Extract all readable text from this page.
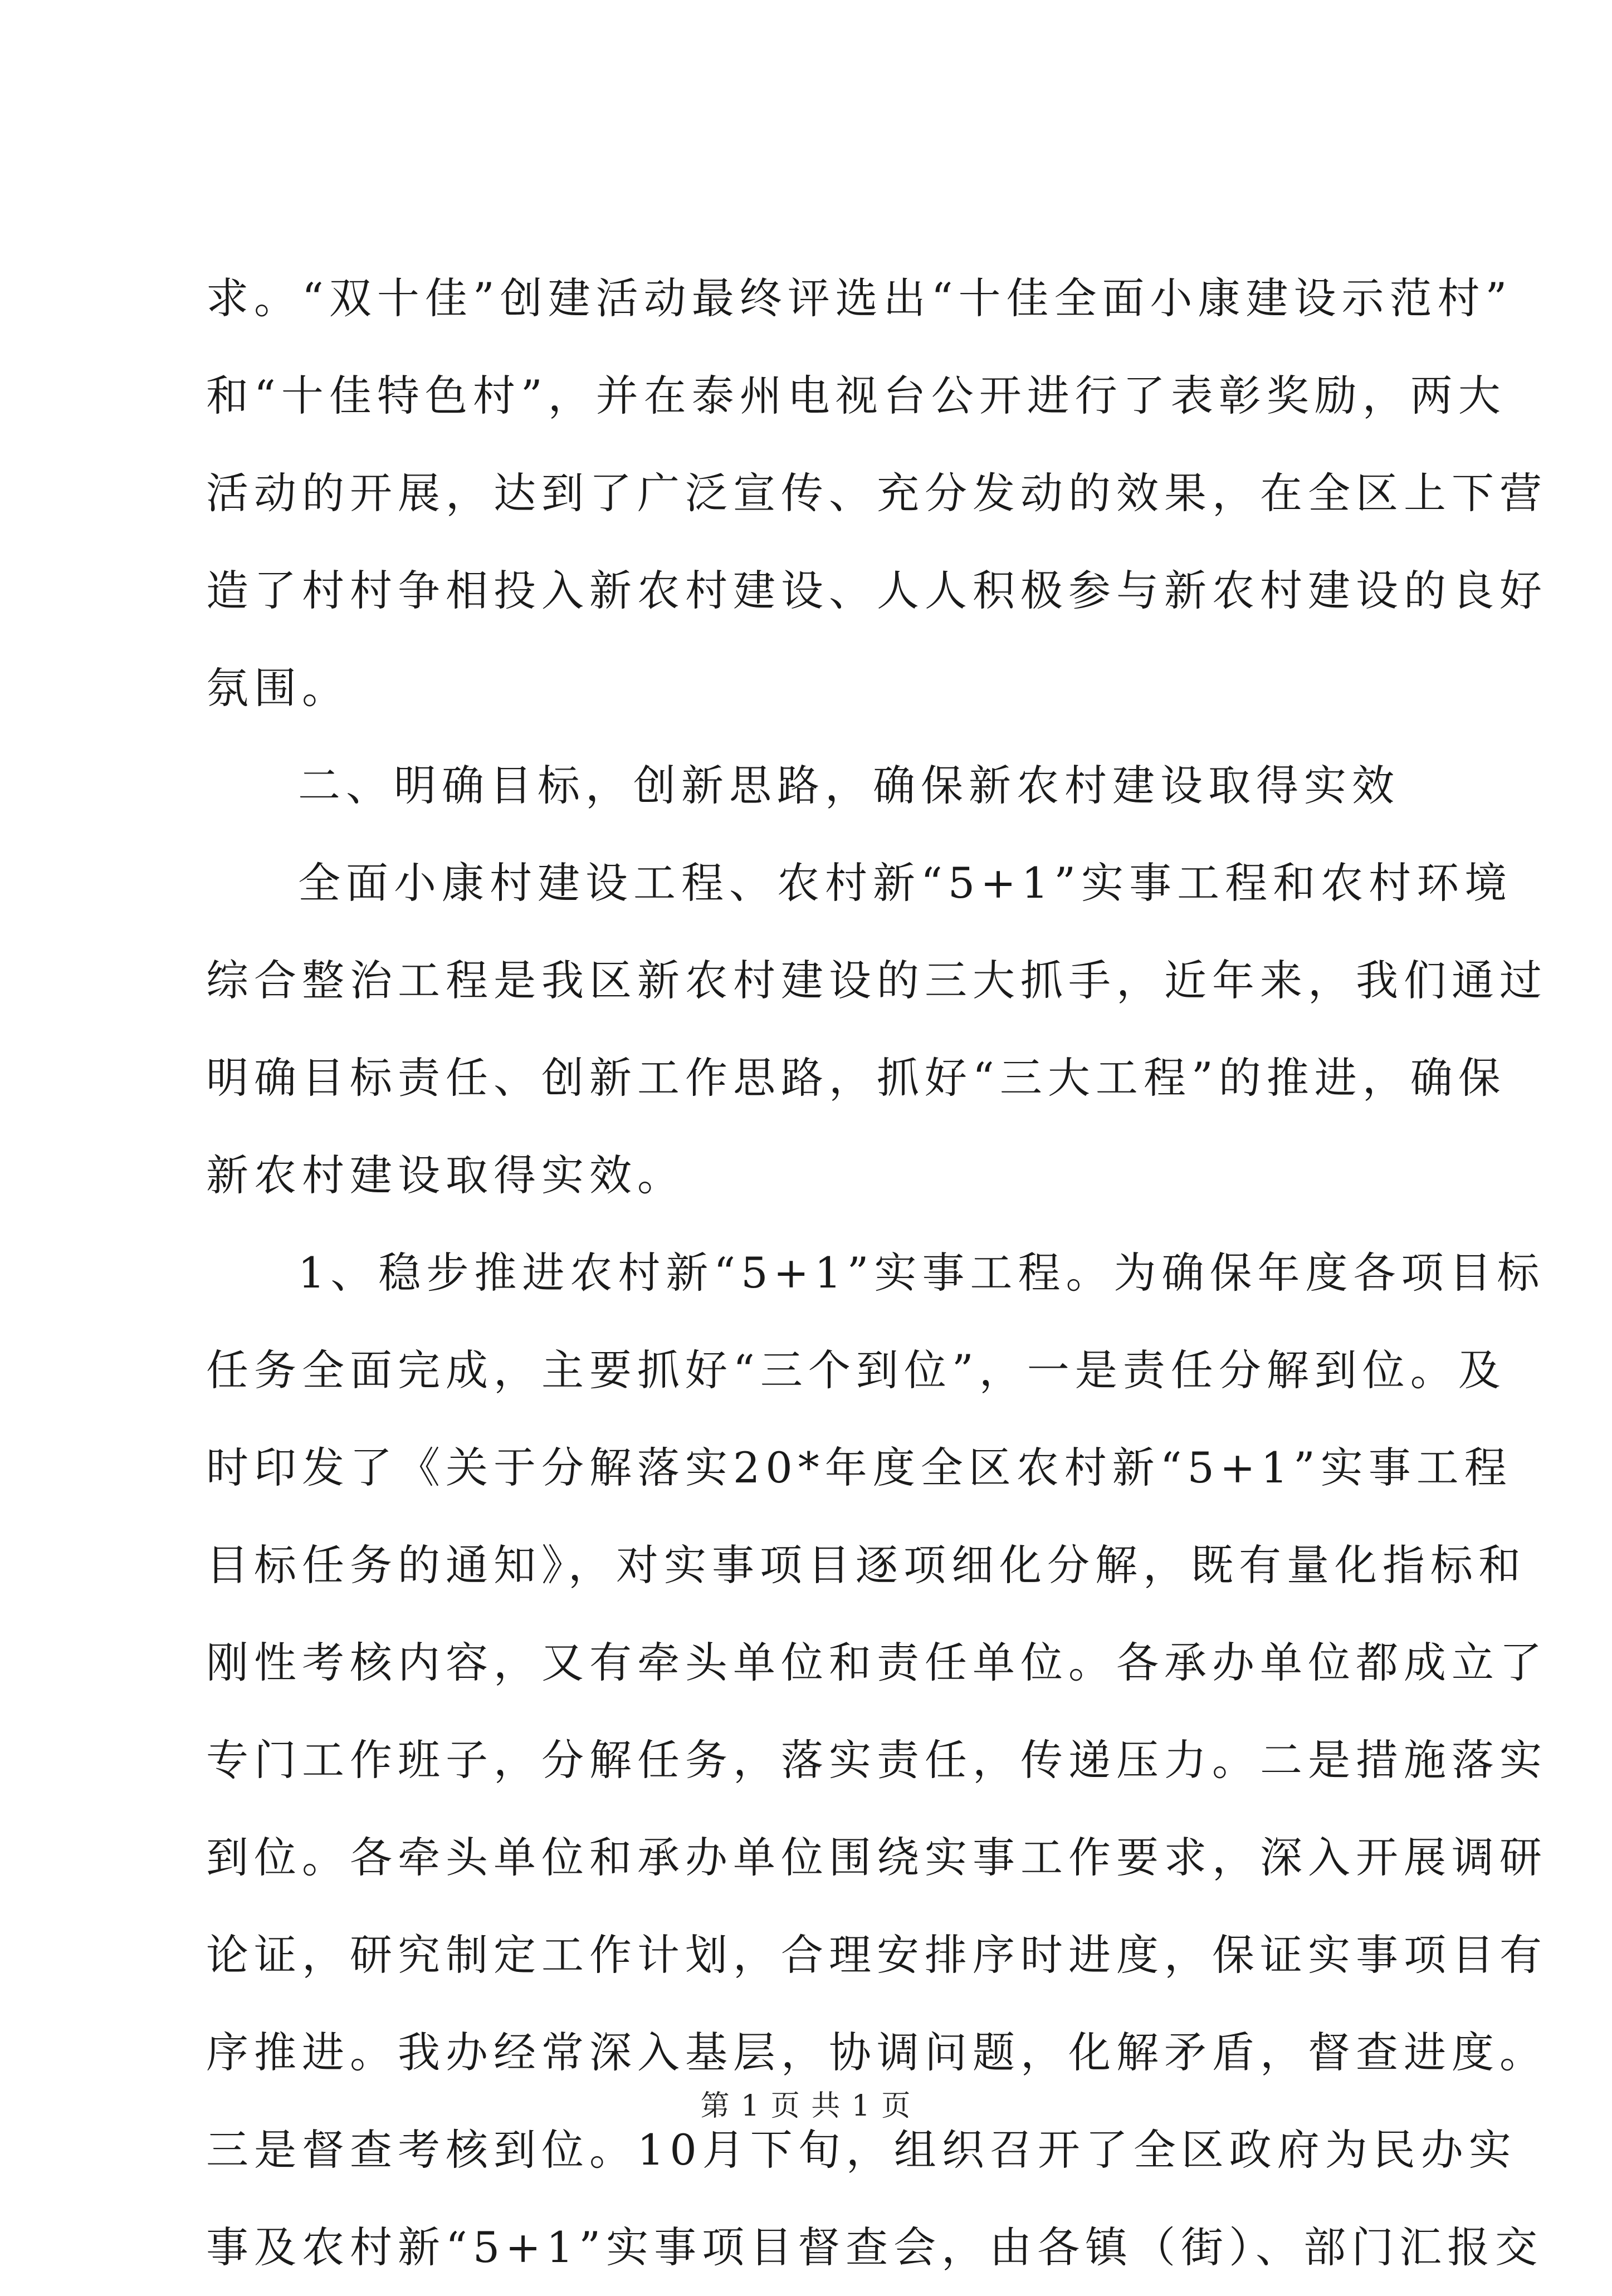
求。“双十佳”创建活动最终评选出“十佳全面小康建设示范村”
和“十佳特色村”，并在泰州电视台公开进行了表彰奖励，两大
活动的开展，达到了广泛宣传、充分发动的效果，在全区上下营
造了村村争相投入新农村建设、人人积极参与新农村建设的良好
氛围。
二、明确目标，创新思路，确保新农村建设取得实效
全面小康村建设工程、农村新“5+1”实事工程和农村环境
综合整治工程是我区新农村建设的三大抓手，近年来，我们通过
明确目标责任、创新工作思路，抓好“三大工程”的推进，确保
新农村建设取得实效。
1、稳步推进农村新“5+1”实事工程。为确保年度各项目标
任务全面完成，主要抓好“三个到位”，一是责任分解到位。及
时印发了《关于分解落实20*年度全区农村新“5+1”实事工程
目标任务的通知》，对实事项目逐项细化分解，既有量化指标和
刚性考核内容，又有牵头单位和责任单位。各承办单位都成立了
专门工作班子，分解任务，落实责任，传递压力。二是措施落实
到位。各牵头单位和承办单位围绕实事工作要求，深入开展调研
论证，研究制定工作计划，合理安排序时进度，保证实事项目有
序推进。我办经常深入基层，协调问题，化解矛盾，督查进度。
三是督查考核到位。10月下旬，组织召开了全区政府为民办实
事及农村新“5+1”实事项目督查会，由各镇（街）、部门汇报交
第 1 页 共 1 页
